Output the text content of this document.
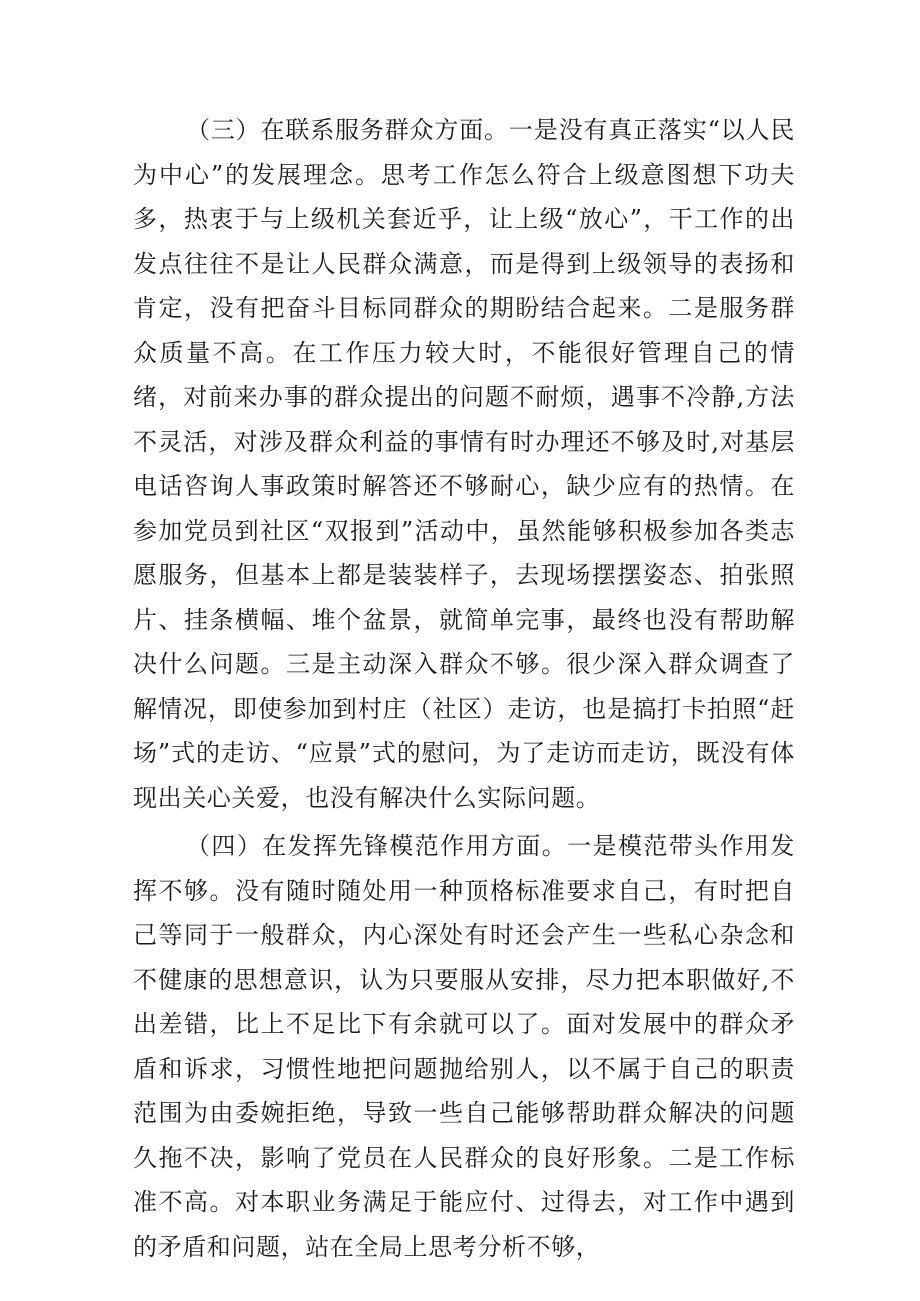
（三）在联系服务群众方面。一是没有真正落实“以人民为中心”的发展理念。思考工作怎么符合上级意图想下功夫多，热衷于与上级机关套近乎，让上级“放心”，干工作的出发点往往不是让人民群众满意，而是得到上级领导的表扬和肯定，没有把奋斗目标同群众的期盼结合起来。二是服务群众质量不高。在工作压力较大时，不能很好管理自己的情绪，对前来办事的群众提出的问题不耐烦，遇事不冷静,方法不灵活，对涉及群众利益的事情有时办理还不够及时,对基层电话咨询人事政策时解答还不够耐心，缺少应有的热情。在参加党员到社区“双报到”活动中，虽然能够积极参加各类志愿服务，但基本上都是装装样子，去现场摆摆姿态、拍张照片、挂条横幅、堆个盆景，就简单完事，最终也没有帮助解决什么问题。三是主动深入群众不够。很少深入群众调查了解情况，即使参加到村庄（社区）走访，也是搞打卡拍照“赶场”式的走访、“应景”式的慰问，为了走访而走访，既没有体现出关心关爱，也没有解决什么实际问题。

（四）在发挥先锋模范作用方面。一是模范带头作用发挥不够。没有随时随处用一种顶格标准要求自己，有时把自己等同于一般群众，内心深处有时还会产生一些私心杂念和不健康的思想意识，认为只要服从安排，尽力把本职做好,不出差错，比上不足比下有余就可以了。面对发展中的群众矛盾和诉求，习惯性地把问题抛给别人，以不属于自己的职责范围为由委婉拒绝，导致一些自己能够帮助群众解决的问题久拖不决，影响了党员在人民群众的良好形象。二是工作标准不高。对本职业务满足于能应付、过得去，对工作中遇到的矛盾和问题，站在全局上思考分析不够，
